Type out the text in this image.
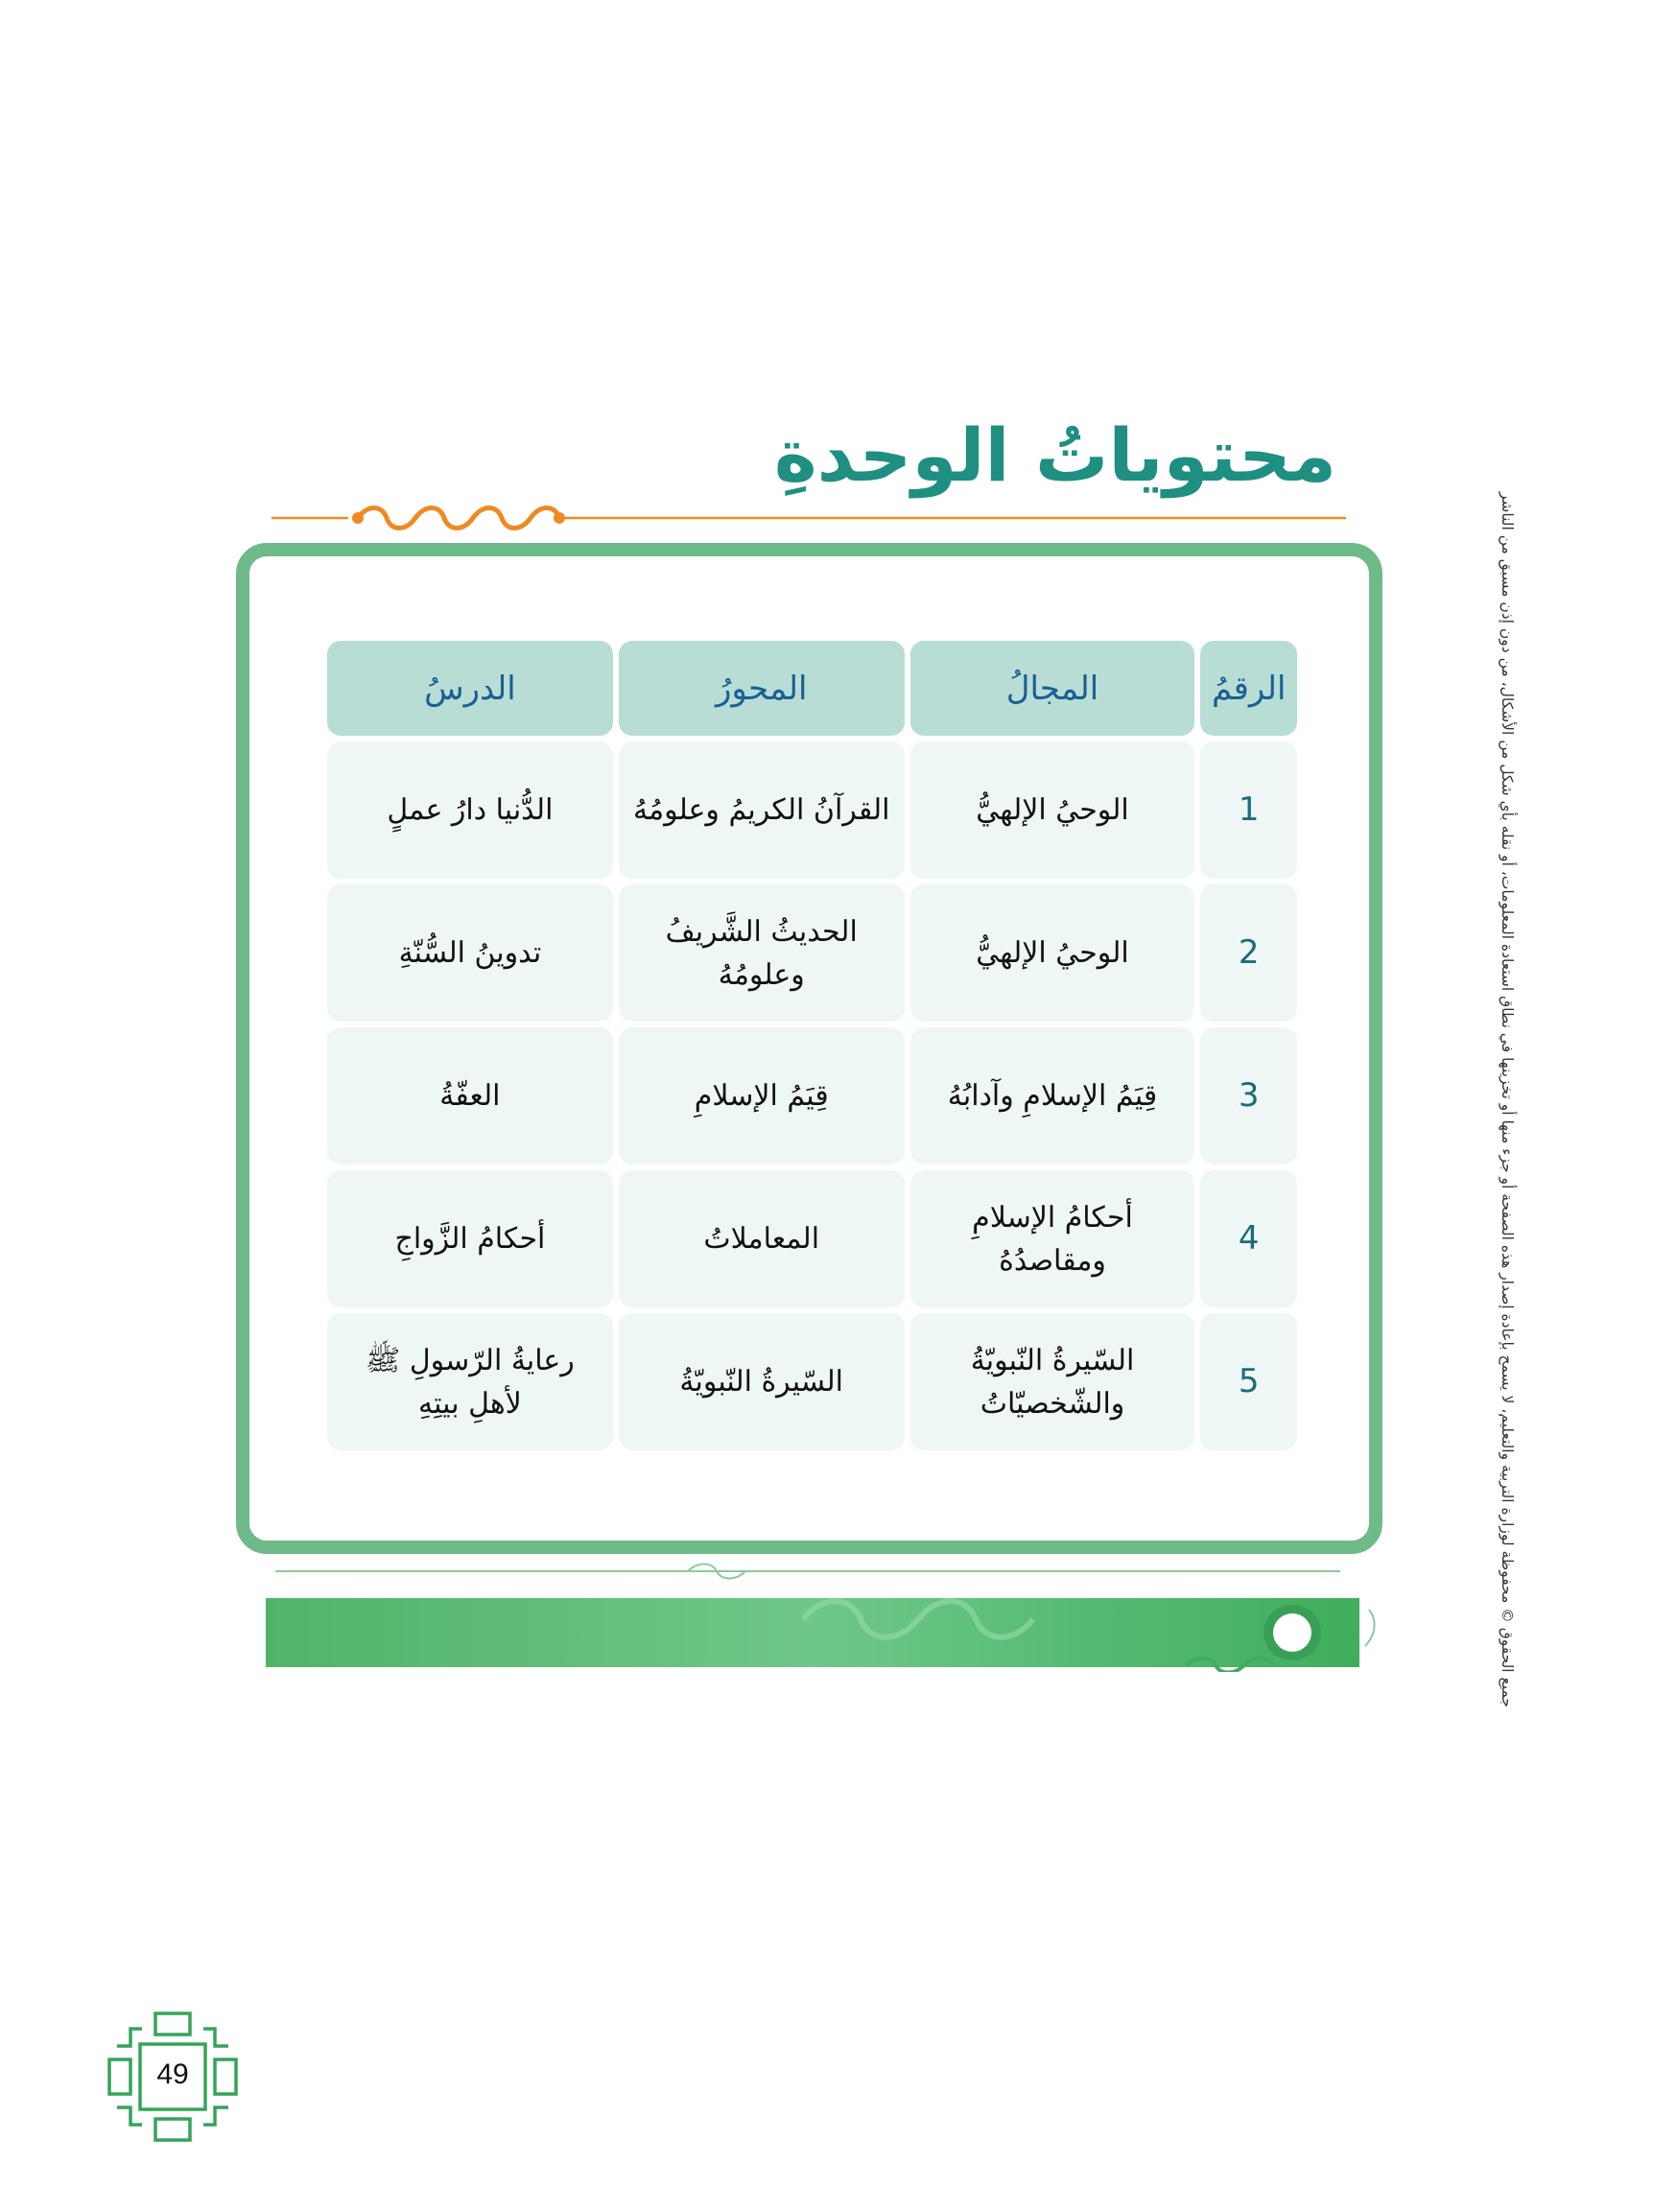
محتوياتُ الوحدةِ
الرقمُ	المجالُ	المحورُ	الدرسُ
1	الوحيُ الإلهيُّ	القرآنُ الكريمُ وعلومُهُ	الدُّنيا دارُ عملٍ
2	الوحيُ الإلهيُّ	الحديثُ الشَّريفُ وعلومُهُ	تدوينُ السُّنّةِ
3	قِيَمُ الإسلامِ وآدابُهُ	قِيَمُ الإسلامِ	العفّةُ
4	أحكامُ الإسلامِ ومقاصدُهُ	المعاملاتُ	أحكامُ الزَّواجِ
5	السّيرةُ النّبويّةُ والشّخصيّاتُ	السّيرةُ النّبويّةُ	رعايةُ الرّسولِ ﷺ لأهلِ بيتِهِ	جميع الحقوق © محفوظة لوزارة التربية والتعليم، لا يسمح بإعادة إصدار هذه الصفحة أو جزء منها أو تخزينها في نطاق استعادة المعلومات، أو نقله بأي شكل من الأشكال، من دون إذن مسبق من الناشر
49
